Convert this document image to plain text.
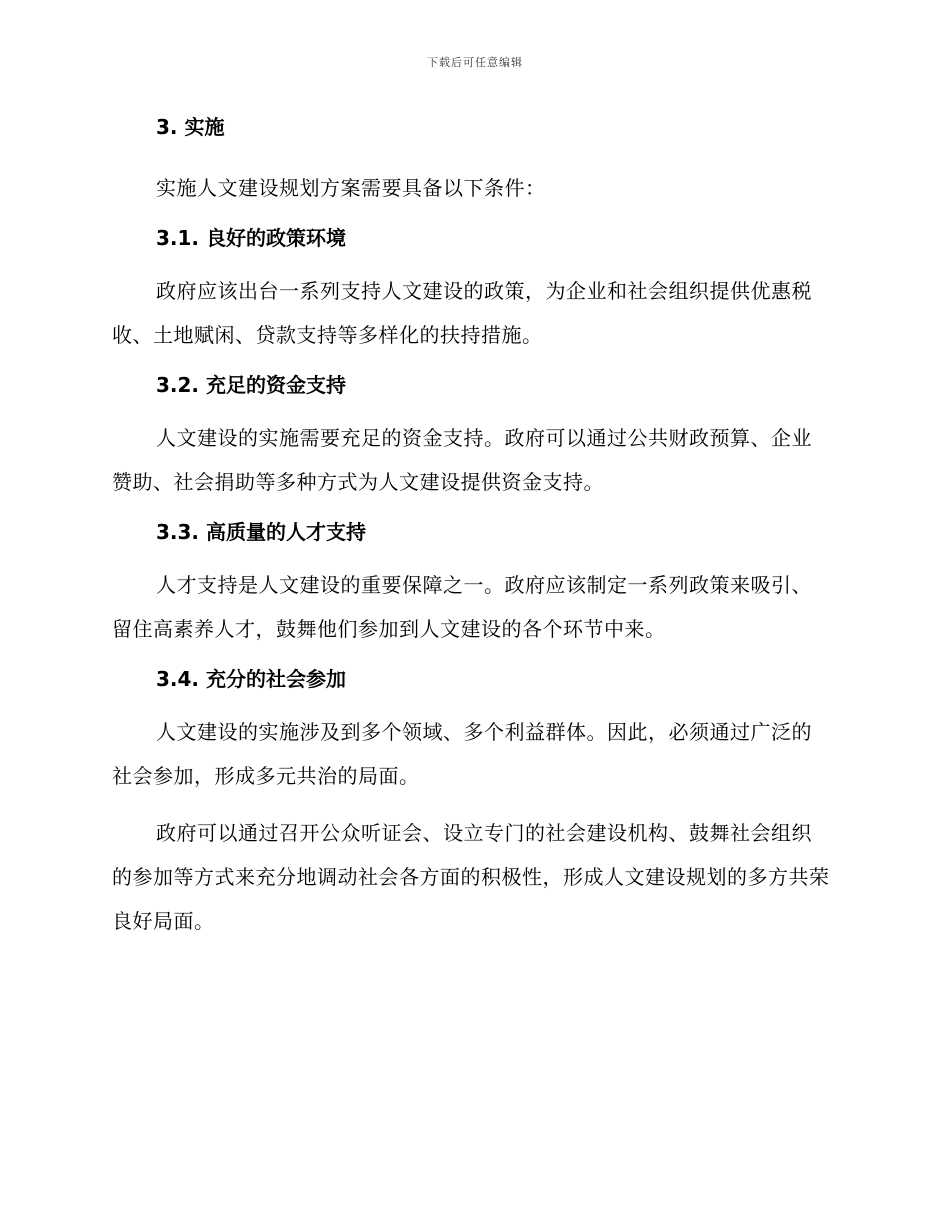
下载后可任意编辑
3. 实施

实施人文建设规划方案需要具备以下条件：

3.1. 良好的政策环境

政府应该出台一系列支持人文建设的政策，为企业和社会组织提供优惠税收、土地赋闲、贷款支持等多样化的扶持措施。

3.2. 充足的资金支持

人文建设的实施需要充足的资金支持。政府可以通过公共财政预算、企业赞助、社会捐助等多种方式为人文建设提供资金支持。

3.3. 高质量的人才支持

人才支持是人文建设的重要保障之一。政府应该制定一系列政策来吸引、留住高素养人才，鼓舞他们参加到人文建设的各个环节中来。

3.4. 充分的社会参加

人文建设的实施涉及到多个领域、多个利益群体。因此，必须通过广泛的社会参加，形成多元共治的局面。

政府可以通过召开公众听证会、设立专门的社会建设机构、鼓舞社会组织的参加等方式来充分地调动社会各方面的积极性，形成人文建设规划的多方共荣良好局面。
